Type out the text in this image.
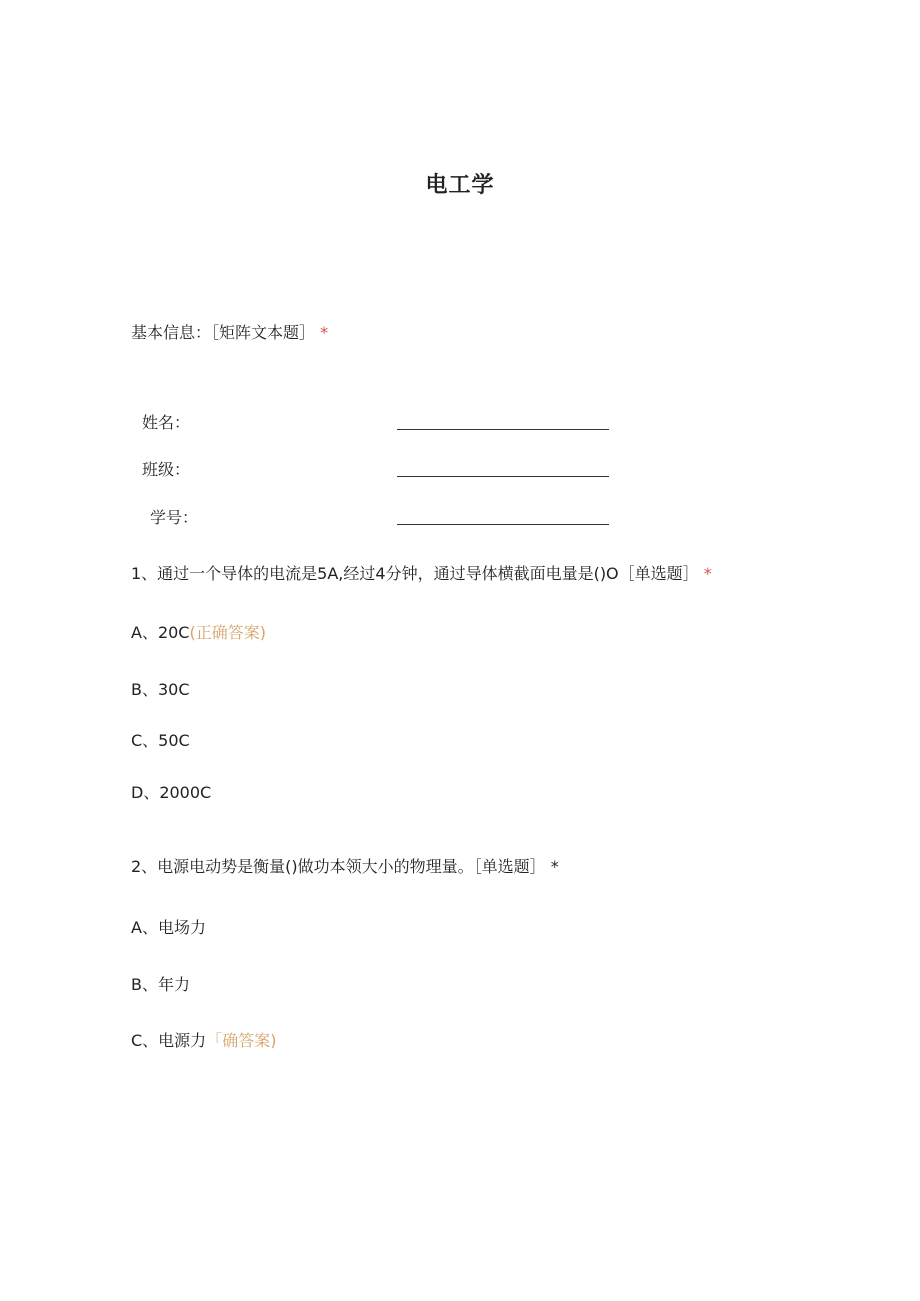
电工学
基本信息：［矩阵文本题］ *
姓名：
班级：
学号：
1、通过一个导体的电流是5A,经过4分钟，通过导体横截面电量是()O［单选题］ *
A、20C(正确答案)
B、30C
C、50C
D、2000C
2、电源电动势是衡量()做功本领大小的物理量。［单选题］ *
A、电场力
B、年力
C、电源力「确答案)
